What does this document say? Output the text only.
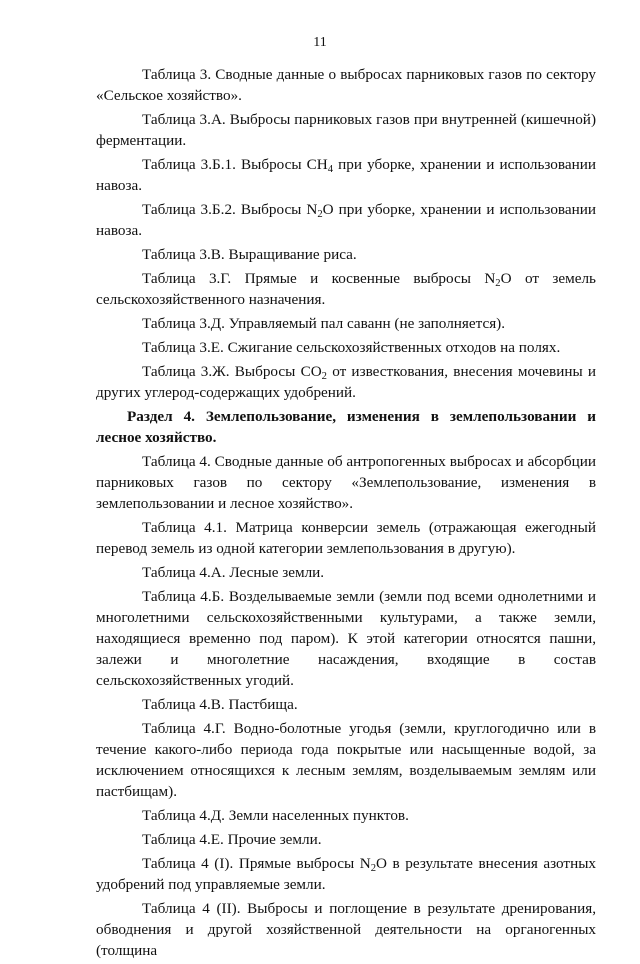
11

Таблица 3. Сводные данные о выбросах парниковых газов по сектору «Сельское хозяйство».

Таблица 3.А. Выбросы парниковых газов при внутренней (кишечной) ферментации.

Таблица 3.Б.1. Выбросы $CH_4$ при уборке, хранении и использовании навоза.

Таблица 3.Б.2. Выбросы $N_2O$ при уборке, хранении и использовании навоза.

Таблица 3.В. Выращивание риса.

Таблица 3.Г. Прямые и косвенные выбросы $N_2O$ от земель сельскохозяйственного назначения.

Таблица 3.Д. Управляемый пал саванн (не заполняется).

Таблица 3.Е. Сжигание сельскохозяйственных отходов на полях.

Таблица 3.Ж. Выбросы $CO_2$ от известкования, внесения мочевины и других углерод-содержащих удобрений.

Раздел 4. Землепользование, изменения в землепользовании и лесное хозяйство.

Таблица 4. Сводные данные об антропогенных выбросах и абсорбции парниковых газов по сектору «Землепользование, изменения в землепользовании и лесное хозяйство».

Таблица 4.1. Матрица конверсии земель (отражающая ежегодный перевод земель из одной категории землепользования в другую).

Таблица 4.А. Лесные земли.

Таблица 4.Б. Возделываемые земли (земли под всеми однолетними и многолетними сельскохозяйственными культурами, а также земли, находящиеся временно под паром). К этой категории относятся пашни, залежи и многолетние насаждения, входящие в состав сельскохозяйственных угодий.

Таблица 4.В. Пастбища.

Таблица 4.Г. Водно-болотные угодья (земли, круглогодично или в течение какого-либо периода года покрытые или насыщенные водой, за исключением относящихся к лесным землям, возделываемым землям или пастбищам).

Таблица 4.Д. Земли населенных пунктов.

Таблица 4.Е. Прочие земли.

Таблица 4 (I). Прямые выбросы $N_2O$ в результате внесения азотных удобрений под управляемые земли.

Таблица 4 (II). Выбросы и поглощение в результате дренирования, обводнения и другой хозяйственной деятельности на органогенных (толщина
